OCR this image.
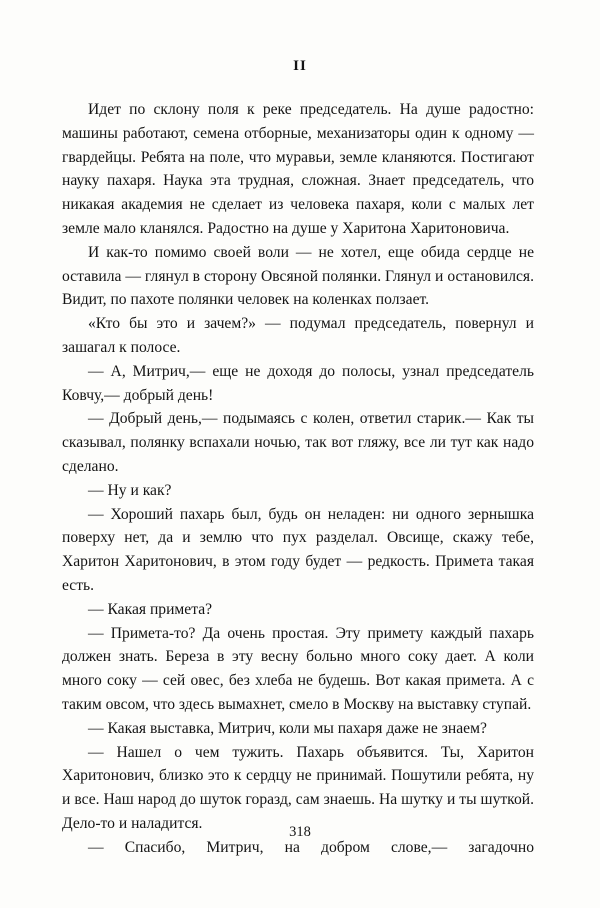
II

Идет по склону поля к реке председатель. На душе радостно: машины работают, семена отборные, механизаторы один к одному — гвардейцы. Ребята на поле, что муравьи, земле кланяются. Постигают науку пахаря. Наука эта трудная, сложная. Знает председатель, что никакая академия не сделает из человека пахаря, коли с малых лет земле мало кланялся. Радостно на душе у Харитона Харитоновича.

И как-то помимо своей воли — не хотел, еще обида сердце не оставила — глянул в сторону Овсяной полянки. Глянул и остановился. Видит, по пахоте полянки человек на коленках ползает.

«Кто бы это и зачем?» — подумал председатель, повернул и зашагал к полосе.

— А, Митрич,— еще не доходя до полосы, узнал председатель Ковчу,— добрый день!

— Добрый день,— подымаясь с колен, ответил старик.— Как ты сказывал, полянку вспахали ночью, так вот гляжу, все ли тут как надо сделано.

— Ну и как?

— Хороший пахарь был, будь он неладен: ни одного зернышка поверху нет, да и землю что пух разделал. Овсище, скажу тебе, Харитон Харитонович, в этом году будет — редкость. Примета такая есть.

— Какая примета?

— Примета-то? Да очень простая. Эту примету каждый пахарь должен знать. Береза в эту весну больно много соку дает. А коли много соку — сей овес, без хлеба не будешь. Вот какая примета. А с таким овсом, что здесь вымахнет, смело в Москву на выставку ступай.

— Какая выставка, Митрич, коли мы пахаря даже не знаем?

— Нашел о чем тужить. Пахарь объявится. Ты, Харитон Харитонович, близко это к сердцу не принимай. Пошутили ребята, ну и все. Наш народ до шуток горазд, сам знаешь. На шутку и ты шуткой. Дело-то и наладится.

— Спасибо, Митрич, на добром слове,— загадочно

318
